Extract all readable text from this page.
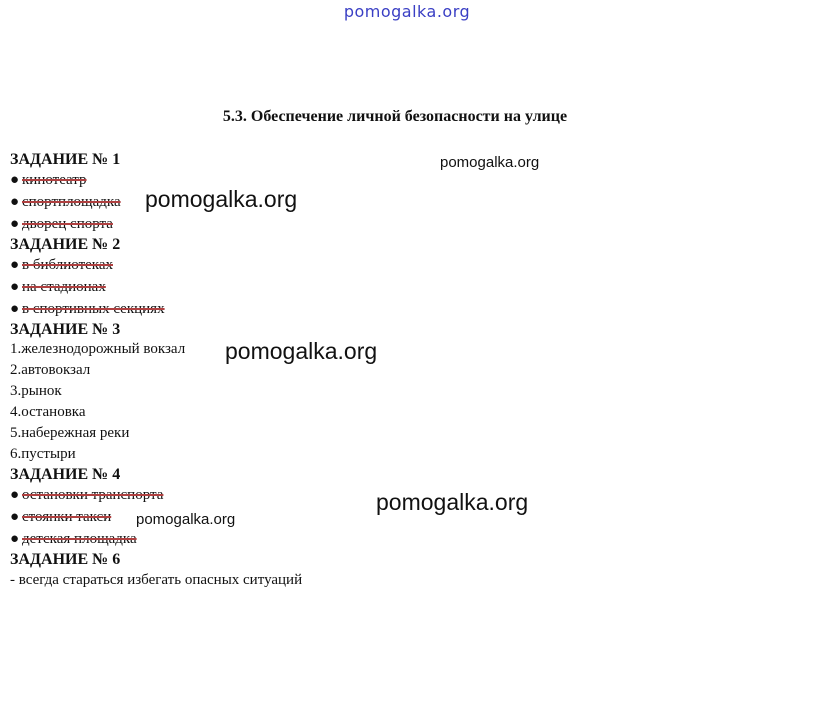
pomogalka.org
5.3. Обеспечение личной безопасности на улице
ЗАДАНИЕ № 1
● кинотеатр
● спортплощадка
● дворец спорта
ЗАДАНИЕ № 2
● в библиотеках
● на стадионах
● в спортивных секциях
ЗАДАНИЕ № 3
1.железнодорожный вокзал
2.автовокзал
3.рынок
4.остановка
5.набережная реки
6.пустыри
ЗАДАНИЕ № 4
● остановки транспорта
● стоянки такси
● детская площадка
ЗАДАНИЕ № 6
- всегда стараться избегать опасных ситуаций
pomogalka.org
pomogalka.org
pomogalka.org
pomogalka.org
pomogalka.org
